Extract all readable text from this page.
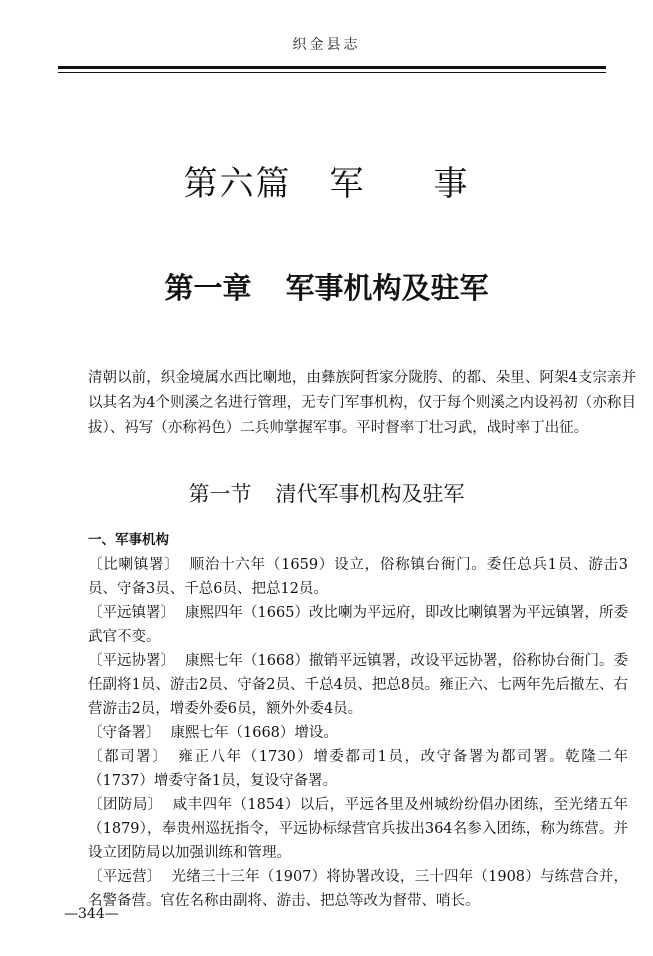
织金县志
第六篇 军 事
第一章 军事机构及驻军
清朝以前，织金境属水西比喇地，由彝族阿哲家分陇胯、的都、朵里、阿架4支宗亲并以其名为4个则溪之名进行管理，无专门军事机构，仅于每个则溪之内设祃初（亦称目拔）、祃写（亦称祃色）二兵帅掌握军事。平时督率丁壮习武，战时率丁出征。
第一节 清代军事机构及驻军
一、军事机构
〔比喇镇署〕 顺治十六年（1659）设立，俗称镇台衙门。委任总兵1员、游击3员、守备3员、千总6员、把总12员。
〔平远镇署〕 康熙四年（1665）改比喇为平远府，即改比喇镇署为平远镇署，所委武官不变。
〔平远协署〕 康熙七年（1668）撤销平远镇署，改设平远协署，俗称协台衙门。委任副将1员、游击2员、守备2员、千总4员、把总8员。雍正六、七两年先后撤左、右营游击2员，增委外委6员，额外外委4员。
〔守备署〕 康熙七年（1668）增设。
〔都司署〕 雍正八年（1730）增委都司1员，改守备署为都司署。乾隆二年（1737）增委守备1员，复设守备署。
〔团防局〕 咸丰四年（1854）以后，平远各里及州城纷纷倡办团练，至光绪五年（1879），奉贵州巡抚指令，平远协标绿营官兵拔出364名参入团练，称为练营。并设立团防局以加强训练和管理。
〔平远营〕 光绪三十三年（1907）将协署改设，三十四年（1908）与练营合并，名警备营。官佐名称由副将、游击、把总等改为督带、哨长。
—344—
